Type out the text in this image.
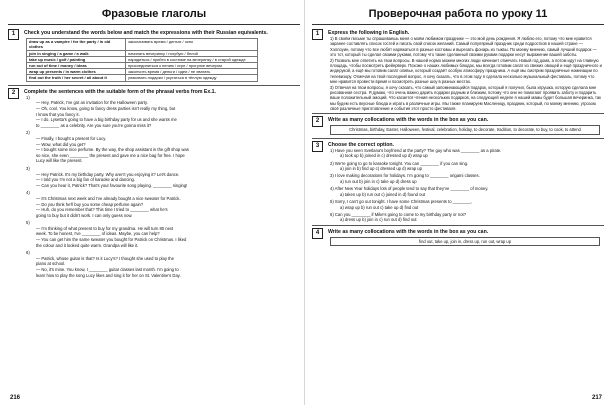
Фразовые глаголы
1	Check you understand the words below and match the expressions with their Russian equivalents.
draw up as a vampire / for the party / in old clothes	заколачивать время / деньги / окно
join in singing / a game / a walk	начинать вечеринку / голубую / белой
take up music / golf / painting	нарядиться / прийти в костюме на вечеринку / в старой одежде
run out of time / money / ideas	присоединиться к пению / игре / прогулке вечером
wrap up presents / in warm clothes	закончить время / деньги / идеи / не хватать
find out the truth / her secret / all about it	упаковать подарки / укутаться в тёплую одежду
2	Complete the sentences with the suitable form of the phrasal verbs from Ex.1.
1)
— Hey, Patrick, I've got an invitation for the Halloween party.
— Oh, cool. You know, going to fancy dress parties isn't really my thing, but
I know that you fancy it.
— I do. Lysetta's going to have a big birthday party for us and she wants me
to ________ as a celebrity. Are you sure you're gonna miss it?
2)
— Finally, I bought a present for Lucy.
— Wow, what did you get?
— I bought some nice perfume. By the way, the shop assistant in the gift shop was
so nice, she even ________ the present and gave me a nice bag for free. I hope
Lucy will like the present.
3)
— Hey Patrick. It's my birthday party. Why aren't you enjoying it? Let's dance.
— I told you I'm not a big fan of karaoke and dancing.
— Can you hear it, Patrick? That's your favourite song playing. ________ singing!
4)
— It's Christmas next week and I've already bought a nice sweater for Patrick.
— Do you think he'll buy you some cheap perfume again?
— Huh, do you remember that? This time I tried to ________ what he's
going to buy but it didn't work. I can only guess now.
5)
— I'm thinking of what present to buy for my grandma. He will turn 80 next
week. To be honest, I've ________ of ideas. Maybe, you can help?
— You can get him the same sweater you bought for Patrick on Christmas. I liked
the colour and it looked quite warm. Grandpa will like it.
6)
— Patrick, whose guitar is that? Is it Lucy's? I thought she used to play the
piano at school.
— No, it's mine. You know, I ________ guitar classes last month. I'm going to
learn how to play the song Lucy likes and sing it for her on St. Valentine's Day.
216
Проверочная работа по уроку 11
1	Express the following in English.
1) В своём письме ты спрашиваешь меня о моём любимом празднике — это мой день рождения. Я люблю его, потому что мне нравится заранее составлять список гостей и писать свой список желаний. Самый популярный праздник среди подростков в нашей стране — Хэллоуин, потому что все любят наряжаться в разные костюмы и вырезать фонарь из тыквы. По моему мнению, самый лучший подарок — это тот, который ты сделал своими руками, потому что такие сделанный своими руками подарки несут выражение вашей заботы.
2) Позволь мне ответить на твои вопросы. В нашей нормо можем многих люди начинает отмечать Новый год дома, а потом идут на главную площадь, чтобы посмотреть фейерверк. Похоже о наших любимых блюдах, мы всегда готовим салат из свежих овощей и ещё праздничного и индерукой, а ещё мы готовим салат оливье, который создаёт особую атмосферу праздника. А ещё мы смотрим праздничные номинации по телевизору. Отмечая на твой последний вопрос, я хочу сказать, что в этом году я сделала несколько музыкальный фестиваль, потому что мне нравится провести время и посмотреть разные шоу в разных местах.
3) Отвечая на твои вопросы, я хочу сказать, что самый запоминающийся подарок, который я получил, была игрушка, которую сделала мне рисованная сестра. Я думаю, что очень важно дарить подарки родным и близким, потому что они не помогают проявить заботу и подарить ваше положительный эмоций. Что касается чтения нескольких подарков, на следующей неделе я нашей мамы будет большая вечеринка, так мы будем есть вкусные блюда и играть в различные игры. Мы также планируем Масленицу, праздник, который, по моему мнению, угрозою своё различные приготовление и события этот просто фестиваля.
2	Write as many collocations with the words in the box as you can.
Christmas, birthday, Easter, Halloween, festival, celebration, holiday, to decorate, tradition, to decorate, to buy, to cook, to attend
3	Choose the correct option.
1) Have you seen Svetlana's boyfriend at the party? The guy who was ________ as a pirate.
a) took up b) joined in c) dressed up d) wrap up
2) We're going to go to karaoke tonight. You can ________ if you can sing.
a) join in b) find up c) dressed up d) wrap up
3) I love making decorations for holidays. I'm going to ________ origami classes.
a) run out b) join in c) take up d) dress up
4) After New Year holidays lots of people tend to say that they've ________ of money.
a) taken up b) run out c) joined in d) found out
5) Sorry, I can't go out tonight. I have some Christmas presents to ________.
a) wrap up b) run out c) take up d) find out
6) Can you ________ if Mike's going to come to my birthday party or not?
a) dress up b) join in c) run out d) find out
4	Write as many collocations with the words in the box as you can.
find out, take up, join in, dress up, run out, wrap up
217
